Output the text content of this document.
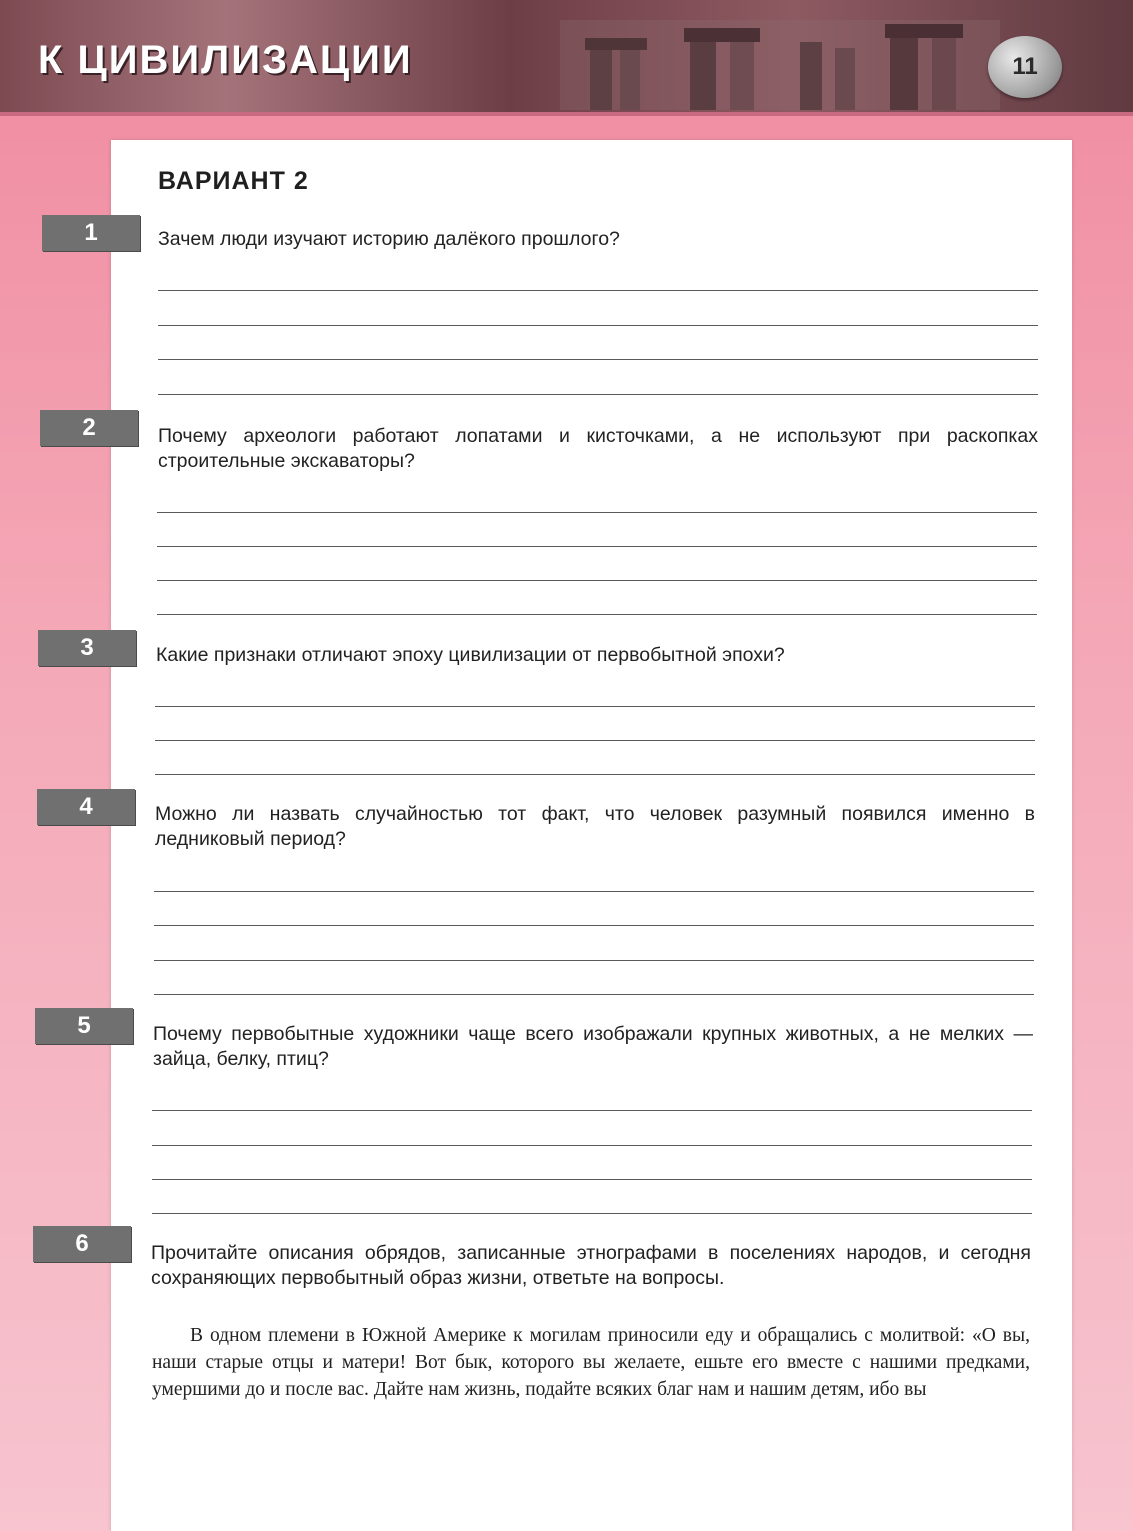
К ЦИВИЛИЗАЦИИ	11
ВАРИАНТ 2
1	Зачем люди изучают историю далёкого прошлого?
2	Почему археологи работают лопатами и кисточками, а не используют при раскопках строительные экскаваторы?
3	Какие признаки отличают эпоху цивилизации от первобытной эпохи?
4	Можно ли назвать случайностью тот факт, что человек разумный появился именно в ледниковый период?
5	Почему первобытные художники чаще всего изображали крупных животных, а не мелких — зайца, белку, птиц?
6	Прочитайте описания обрядов, записанные этнографами в поселениях народов, и сегодня сохраняющих первобытный образ жизни, ответьте на вопросы.
В одном племени в Южной Америке к могилам приносили еду и обращались с молитвой: «О вы, наши старые отцы и матери! Вот бык, которого вы желаете, ешьте его вместе с нашими предками, умершими до и после вас. Дайте нам жизнь, подайте всяких благ нам и нашим детям, ибо вы
